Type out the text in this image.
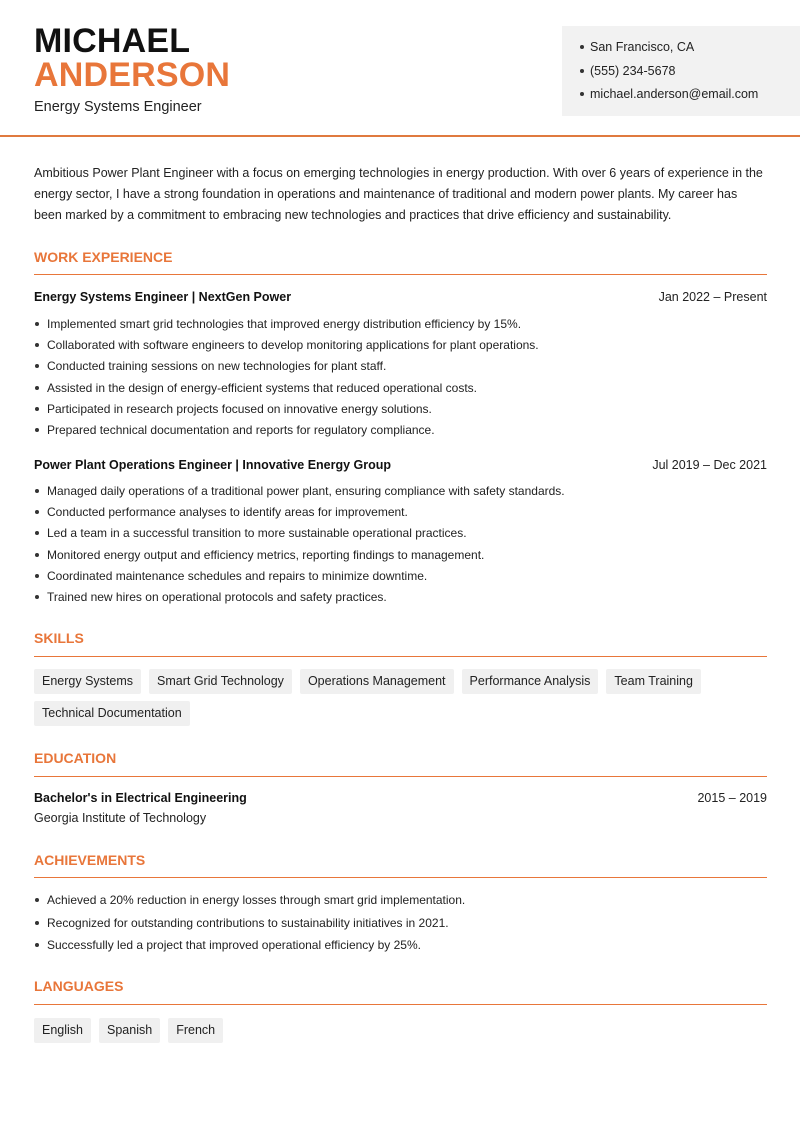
MICHAEL
ANDERSON
Energy Systems Engineer
San Francisco, CA
(555) 234-5678
michael.anderson@email.com
Ambitious Power Plant Engineer with a focus on emerging technologies in energy production. With over 6 years of experience in the energy sector, I have a strong foundation in operations and maintenance of traditional and modern power plants. My career has been marked by a commitment to embracing new technologies and practices that drive efficiency and sustainability.
WORK EXPERIENCE
Energy Systems Engineer | NextGen Power	Jan 2022 – Present
Implemented smart grid technologies that improved energy distribution efficiency by 15%.
Collaborated with software engineers to develop monitoring applications for plant operations.
Conducted training sessions on new technologies for plant staff.
Assisted in the design of energy-efficient systems that reduced operational costs.
Participated in research projects focused on innovative energy solutions.
Prepared technical documentation and reports for regulatory compliance.
Power Plant Operations Engineer | Innovative Energy Group	Jul 2019 – Dec 2021
Managed daily operations of a traditional power plant, ensuring compliance with safety standards.
Conducted performance analyses to identify areas for improvement.
Led a team in a successful transition to more sustainable operational practices.
Monitored energy output and efficiency metrics, reporting findings to management.
Coordinated maintenance schedules and repairs to minimize downtime.
Trained new hires on operational protocols and safety practices.
SKILLS
Energy Systems	Smart Grid Technology	Operations Management	Performance Analysis	Team Training
Technical Documentation
EDUCATION
Bachelor's in Electrical Engineering	2015 – 2019
Georgia Institute of Technology
ACHIEVEMENTS
Achieved a 20% reduction in energy losses through smart grid implementation.
Recognized for outstanding contributions to sustainability initiatives in 2021.
Successfully led a project that improved operational efficiency by 25%.
LANGUAGES
English	Spanish	French
